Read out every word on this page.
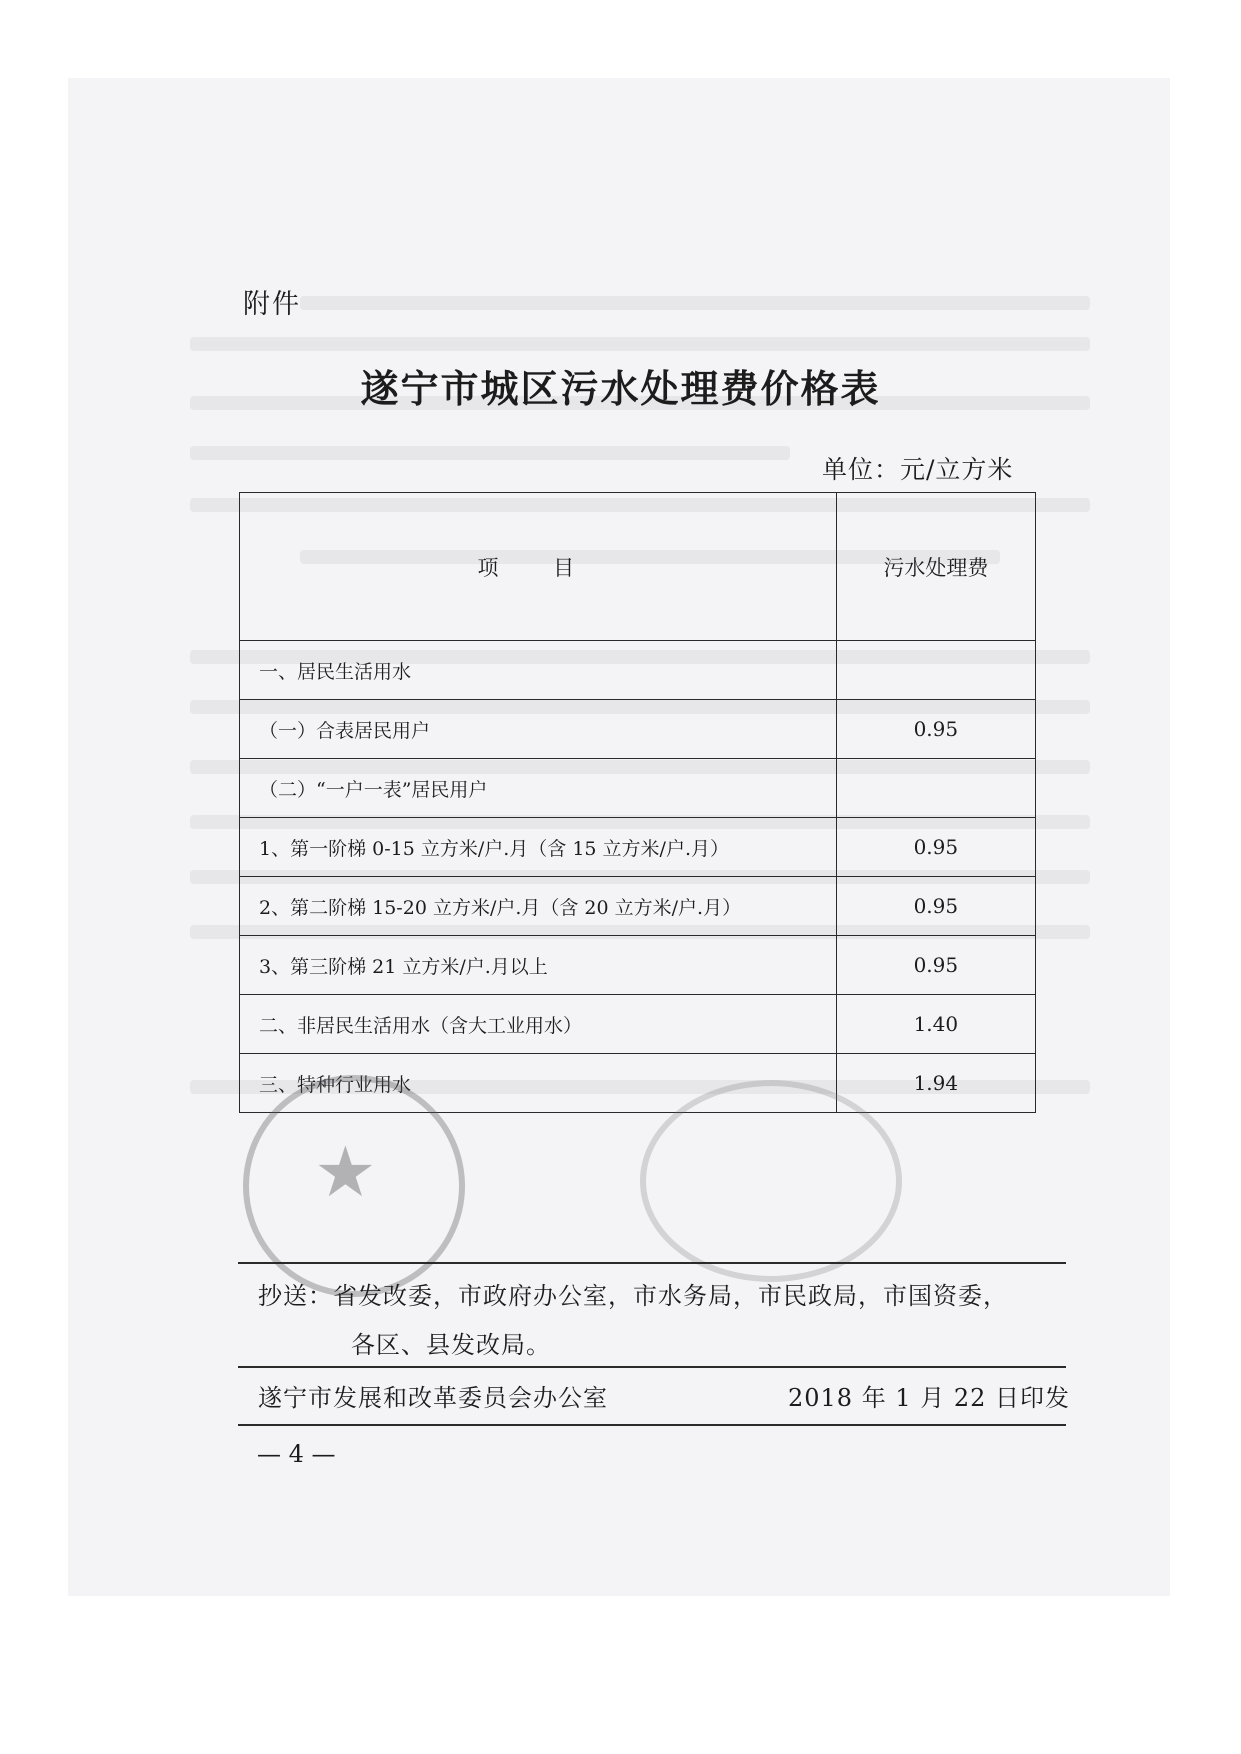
附件
遂宁市城区污水处理费价格表
单位：元/立方米
项 目	污水处理费
一、居民生活用水	
（一）合表居民用户	0.95
（二）“一户一表”居民用户	
1、第一阶梯 0-15 立方米/户.月（含 15 立方米/户.月）	0.95
2、第二阶梯 15-20 立方米/户.月（含 20 立方米/户.月）	0.95
3、第三阶梯 21 立方米/户.月以上	0.95
二、非居民生活用水（含大工业用水）	1.40
三、特种行业用水	1.94
★
抄送：省发改委，市政府办公室，市水务局，市民政局，市国资委，
各区、县发改局。
遂宁市发展和改革委员会办公室	2018 年 1 月 22 日印发
— 4 —
